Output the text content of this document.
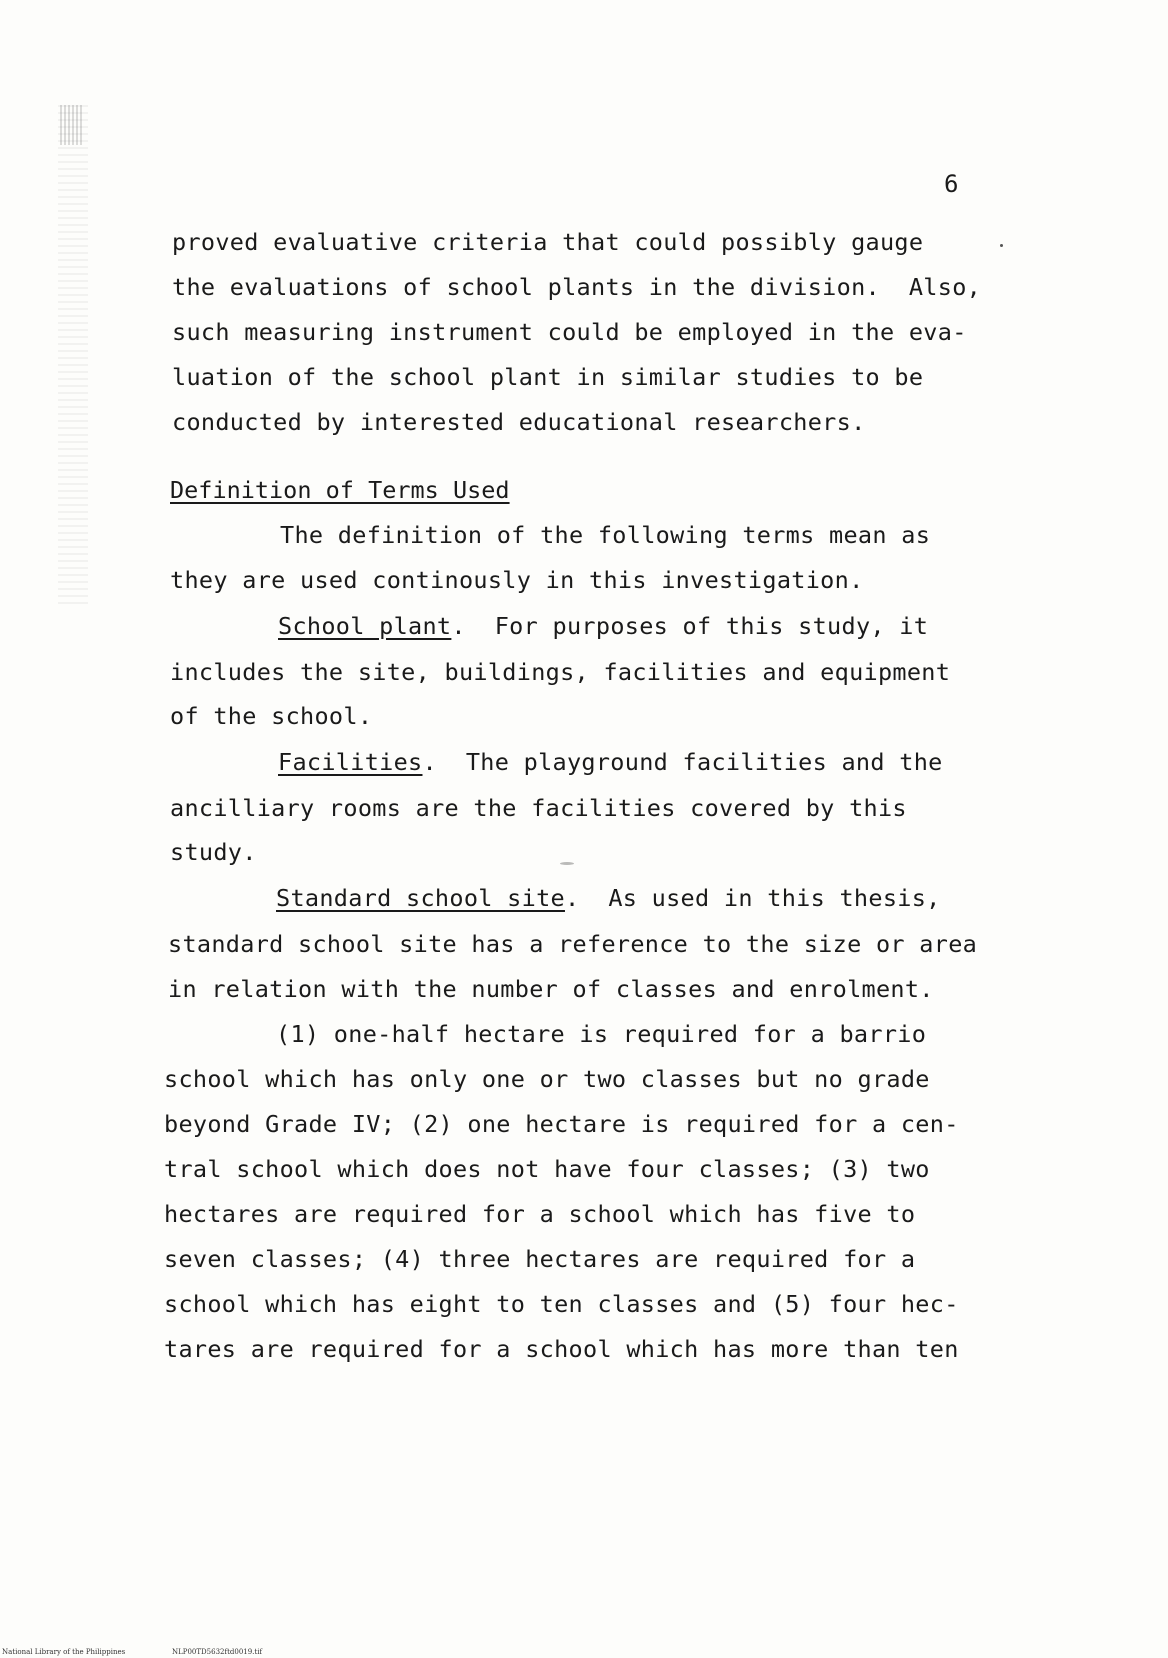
6
proved evaluative criteria that could possibly gauge
the evaluations of school plants in the division.  Also,
such measuring instrument could be employed in the eva-
luation of the school plant in similar studies to be
conducted by interested educational researchers.
Definition of Terms Used
The definition of the following terms mean as
they are used continously in this investigation.
School plant.  For purposes of this study, it
includes the site, buildings, facilities and equipment
of the school.
Facilities.  The playground facilities and the
ancilliary rooms are the facilities covered by this
study.
Standard school site.  As used in this thesis,
standard school site has a reference to the size or area
in relation with the number of classes and enrolment.
(1) one-half hectare is required for a barrio
school which has only one or two classes but no grade
beyond Grade IV; (2) one hectare is required for a cen-
tral school which does not have four classes; (3) two
hectares are required for a school which has five to
seven classes; (4) three hectares are required for a
school which has eight to ten classes and (5) four hec-
tares are required for a school which has more than ten
National Library of the Philippines	NLP00TD5632ftd0019.tif
